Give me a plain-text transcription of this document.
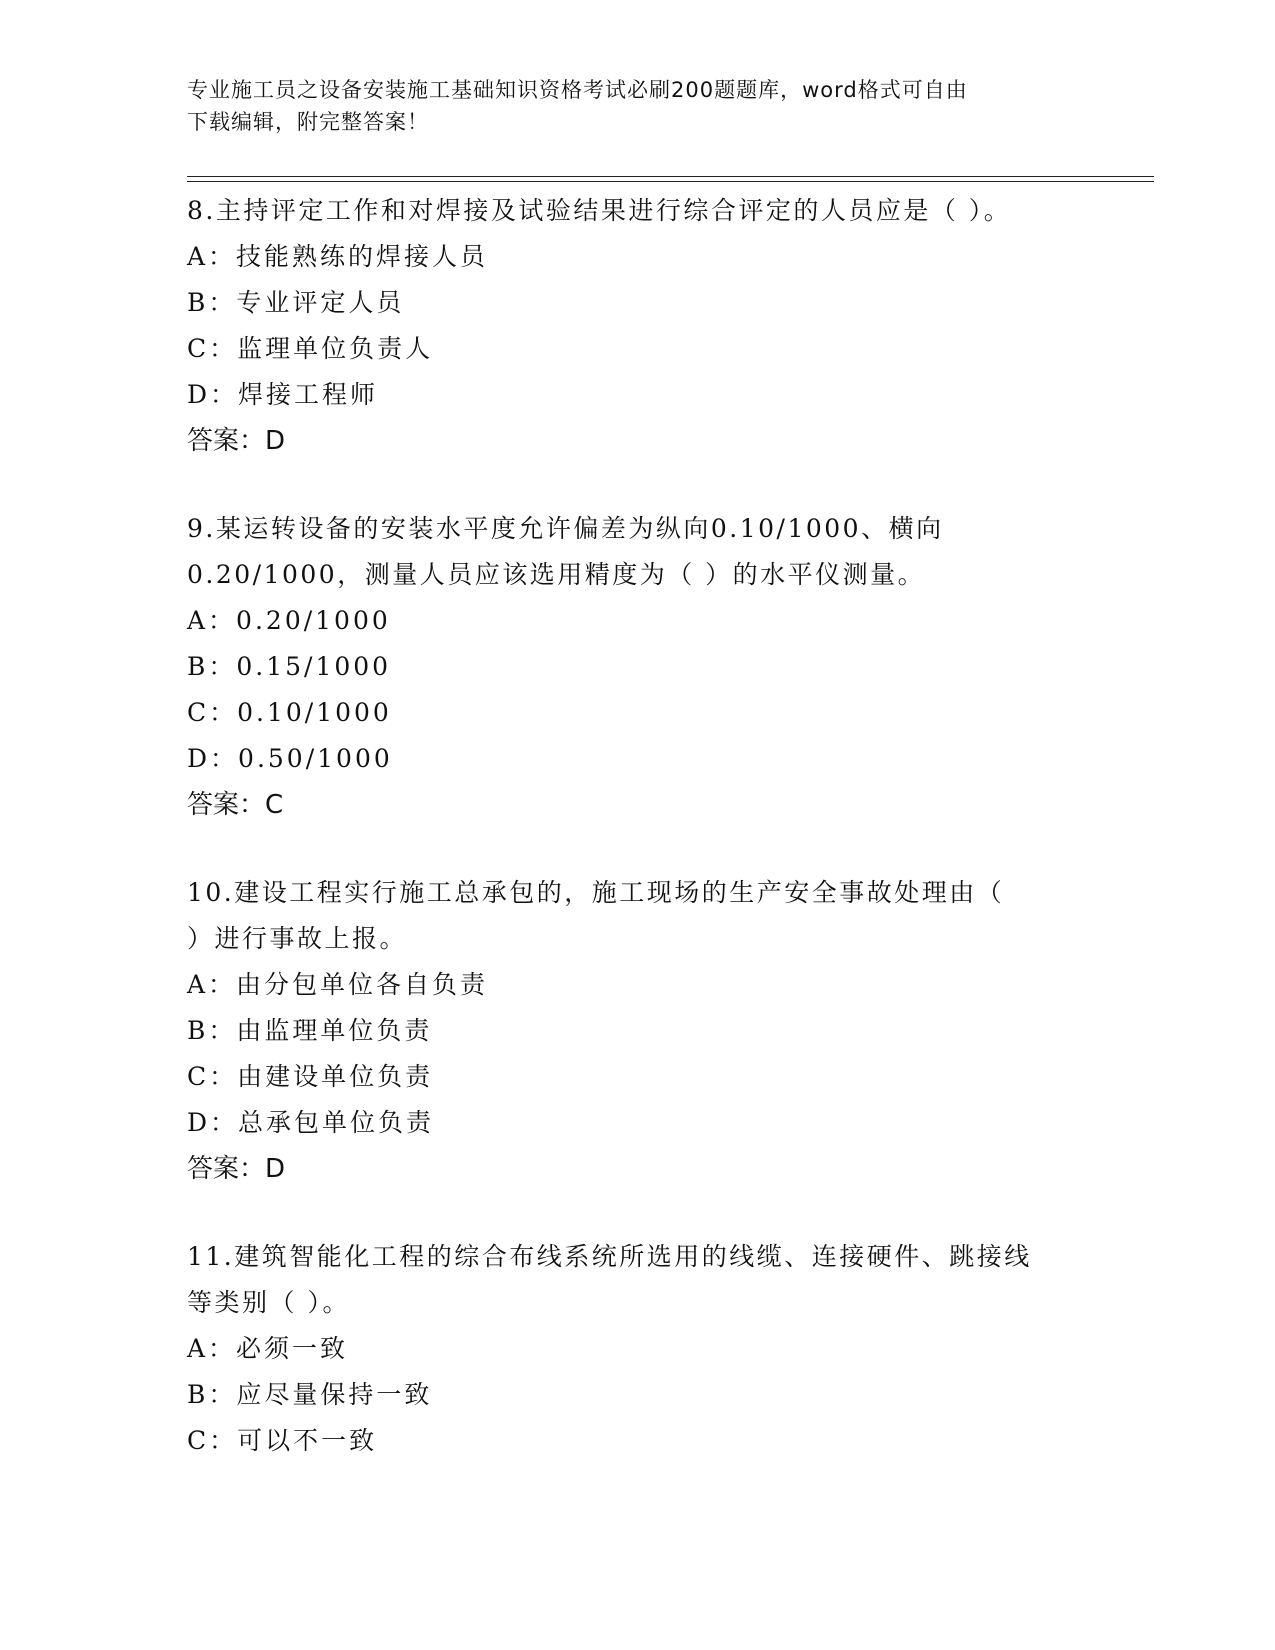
专业施工员之设备安装施工基础知识资格考试必刷200题题库，word格式可自由
下载编辑，附完整答案！

8.主持评定工作和对焊接及试验结果进行综合评定的人员应是（ ）。

A：技能熟练的焊接人员

B：专业评定人员

C：监理单位负责人

D：焊接工程师

答案：D

9.某运转设备的安装水平度允许偏差为纵向0.10/1000、横向

0.20/1000，测量人员应该选用精度为（ ）的水平仪测量。

A：0.20/1000

B：0.15/1000

C：0.10/1000

D：0.50/1000

答案：C

10.建设工程实行施工总承包的，施工现场的生产安全事故处理由（

）进行事故上报。

A：由分包单位各自负责

B：由监理单位负责

C：由建设单位负责

D：总承包单位负责

答案：D

11.建筑智能化工程的综合布线系统所选用的线缆、连接硬件、跳接线

等类别（ ）。

A：必须一致

B：应尽量保持一致

C：可以不一致
